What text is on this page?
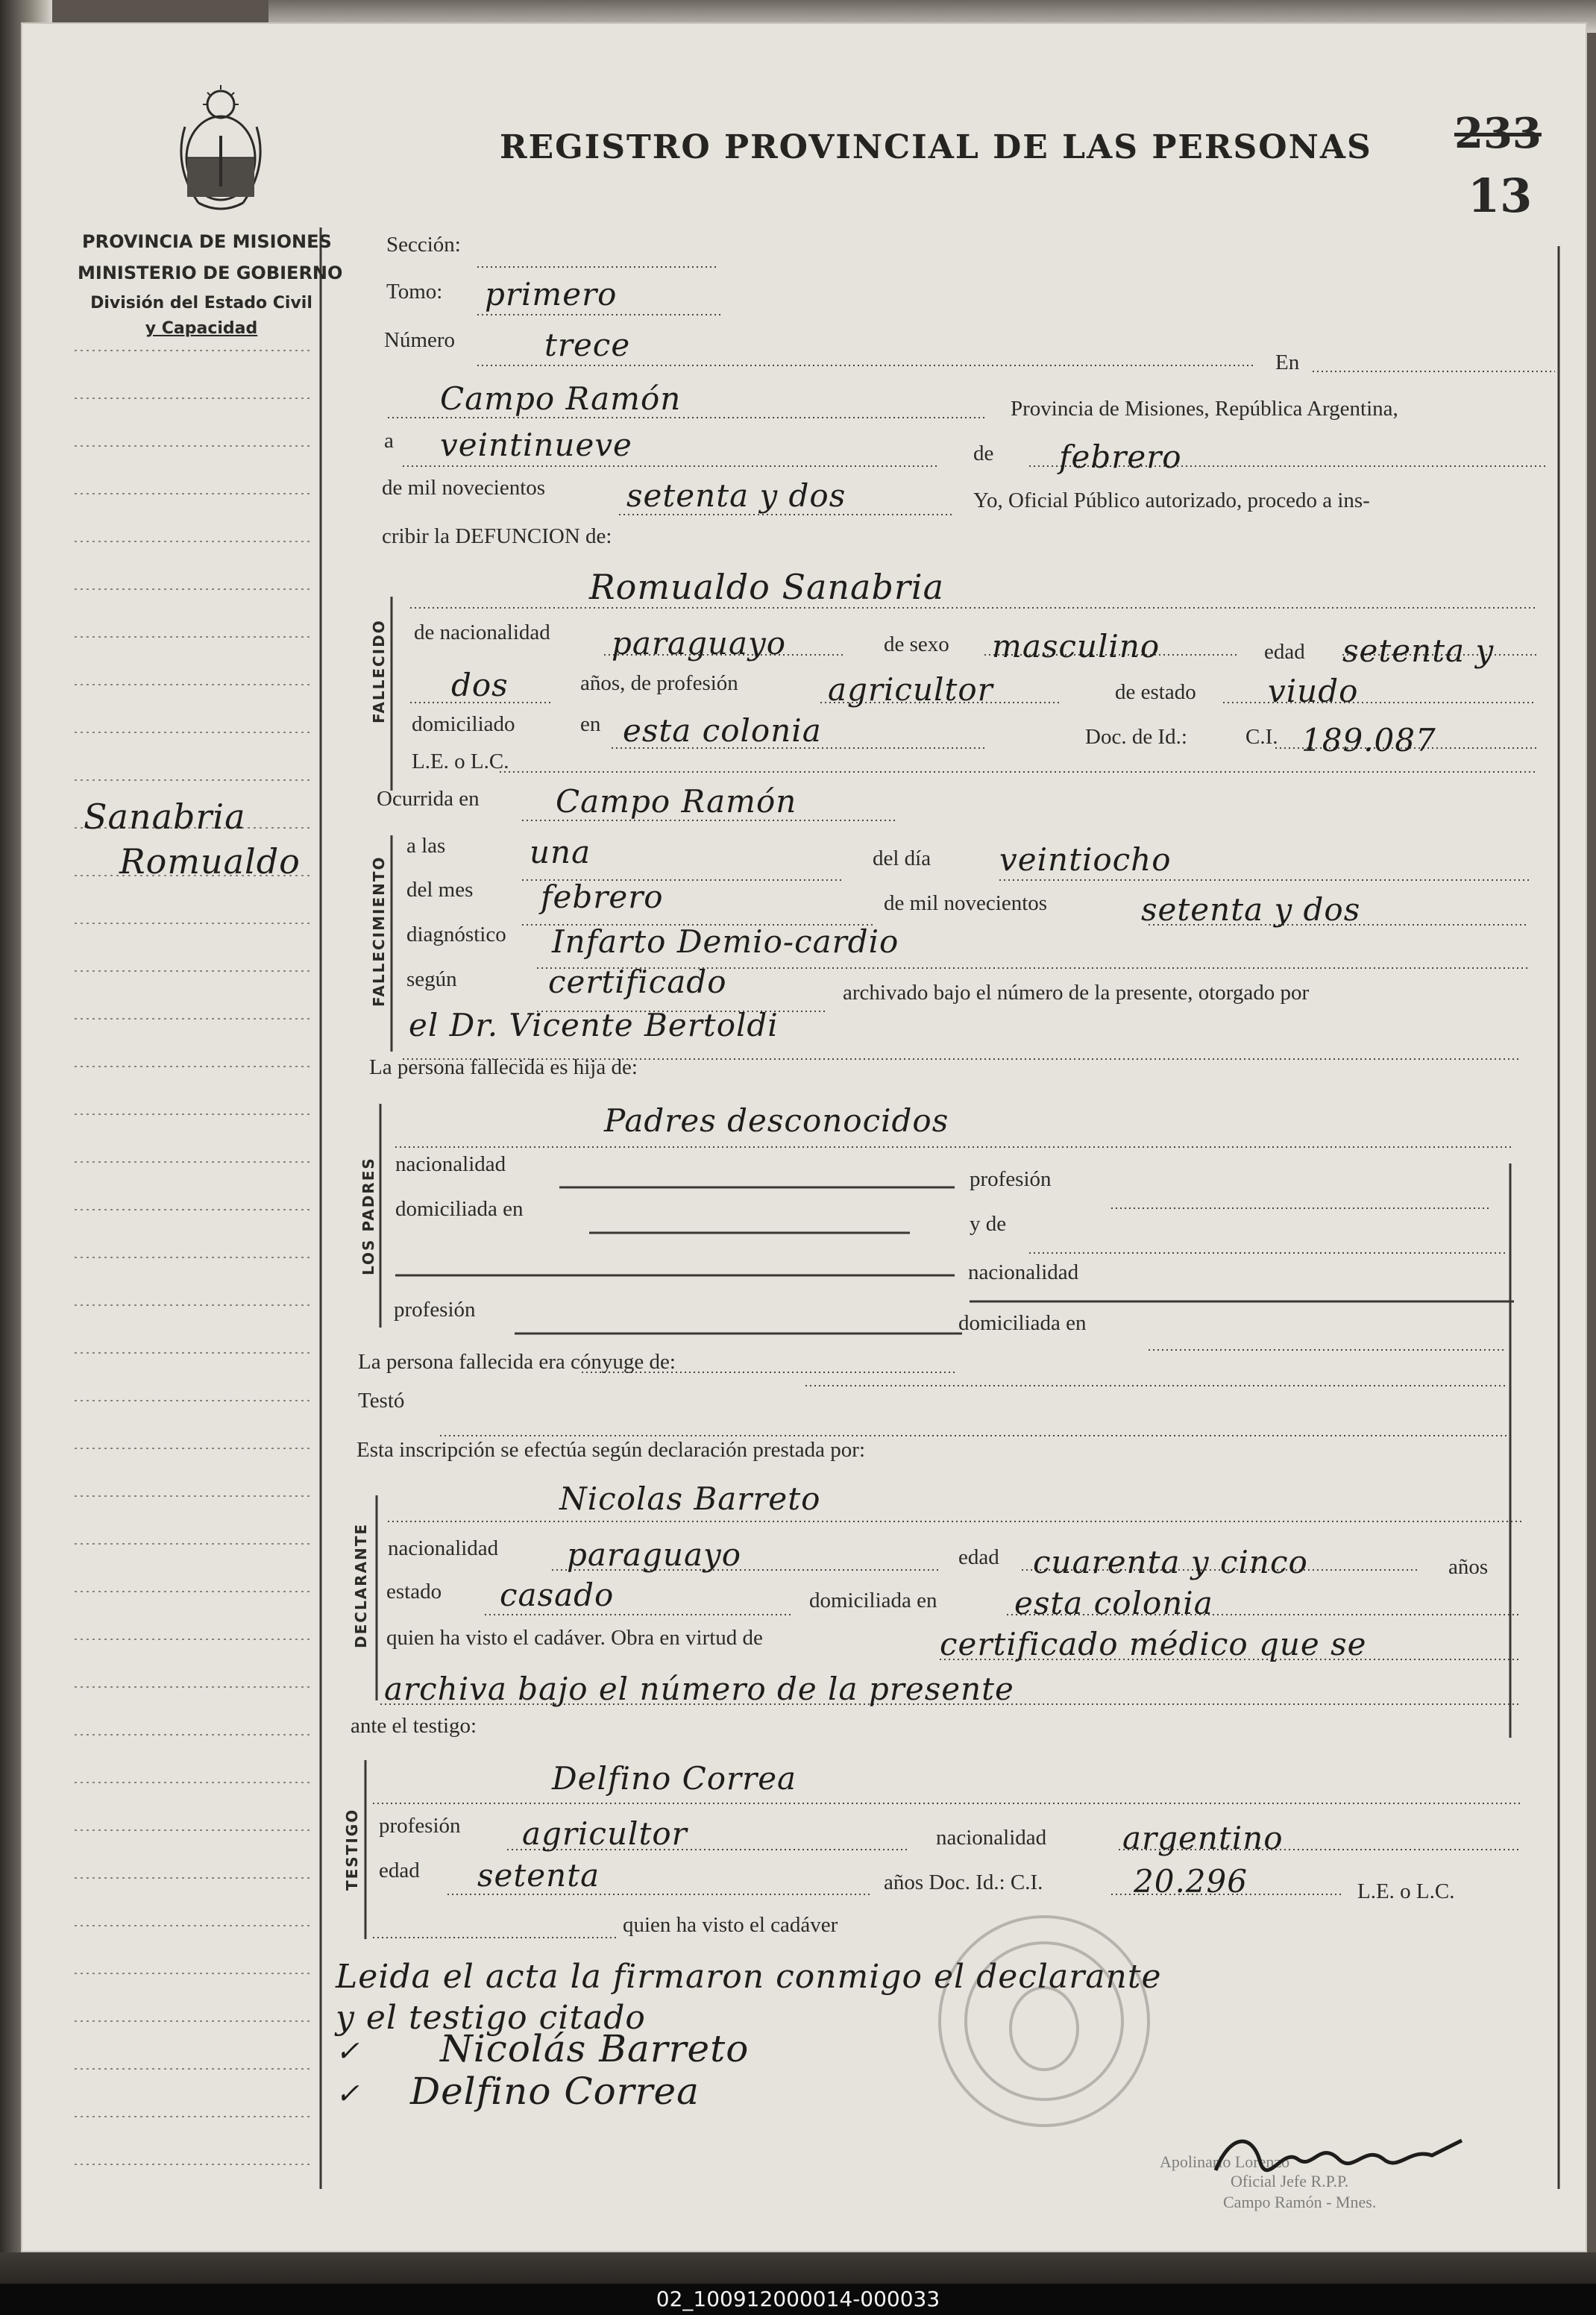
PROVINCIA DE MISIONES
MINISTERIO DE GOBIERNO
División del Estado Civil
y Capacidad
Sanabria
Romualdo
REGISTRO PROVINCIAL DE LAS PERSONAS 233
13
Sección:
Tomo: primero
Número	trece	En
Campo Ramón	Provincia de Misiones, República Argentina,
a veintinueve	de febrero
de mil novecientos	setenta y dos	Yo, Oficial Público autorizado, procedo a ins-
cribir la DEFUNCION de:
FALLECIDO
Romualdo Sanabria
de nacionalidad paraguayo	de sexo masculino	edad setenta y
dos	años, de profesión	agricultor	de estado viudo
domiciliado	en esta colonia	Doc. de Id.:	C.I. 189.087
L.E. o L.C.
Ocurrida en Campo Ramón
FALLECIMIENTO
a las	una	del día veintiocho
del mes febrero	de mil novecientos	setenta y dos
diagnóstico Infarto Demio-cardio
según	certificado	archivado bajo el número de la presente, otorgado por
el Dr. Vicente Bertoldi
La persona fallecida es hija de:
LOS PADRES
Padres desconocidos
nacionalidad
profesión
domiciliada en
y de
nacionalidad
profesión
domiciliada en
La persona fallecida era cónyuge de:
Testó
Esta inscripción se efectúa según declaración prestada por:
DECLARANTE
Nicolas Barreto
nacionalidad paraguayo	edad cuarenta y cinco	años
estado casado	domiciliada en esta colonia
quien ha visto el cadáver. Obra en virtud de	certificado médico que se
archiva bajo el número de la presente
ante el testigo:
TESTIGO
Delfino Correa
profesión agricultor	nacionalidad argentino
edad setenta	años Doc. Id.: C.I.	20.296	L.E. o L.C.
quien ha visto el cadáver
Leida el acta la firmaron conmigo el declarante
y el testigo citado
✓ Nicolás Barreto
✓ Delfino Correa
Apolinario Lorenzo
Oficial Jefe R.P.P.
Campo Ramón - Mnes.
02_100912000014-000033
